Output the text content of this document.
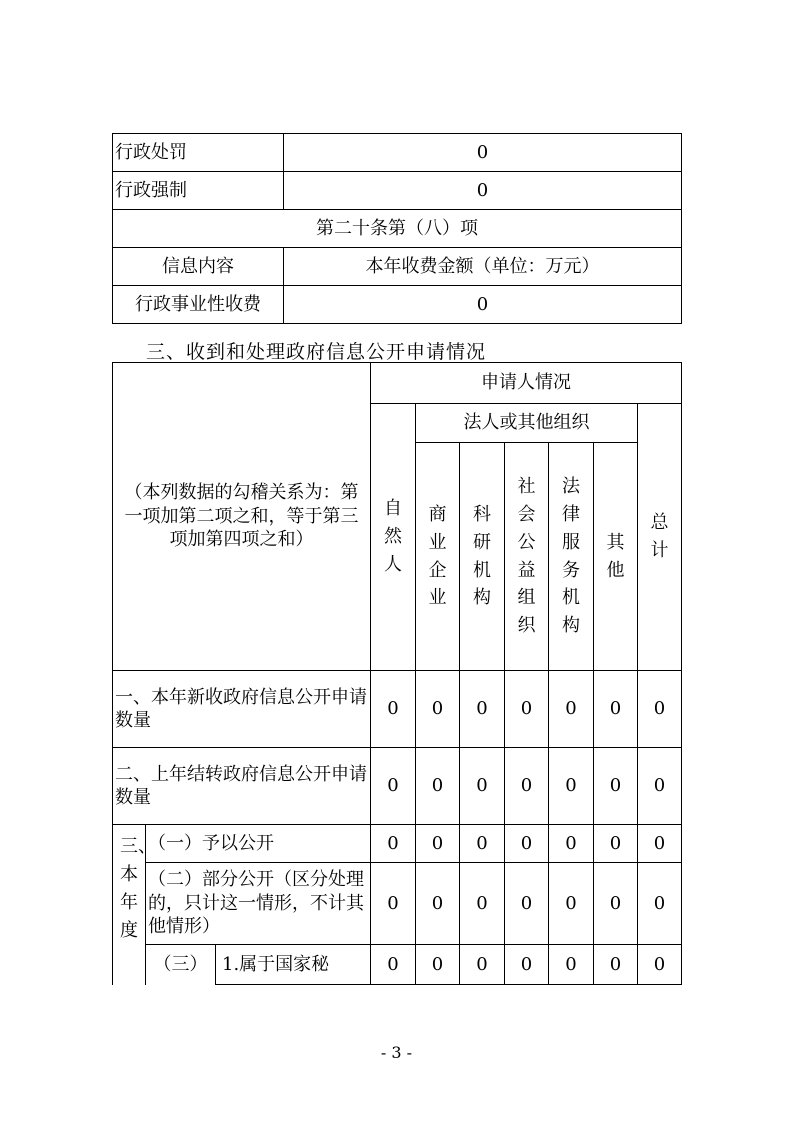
行政处罚	0
行政强制	0
第二十条第（八）项	
信息内容	本年收费金额（单位：万元）
行政事业性收费	0
三、收到和处理政府信息公开申请情况
（本列数据的勾稽关系为：第一项加第二项之和，等于第三项加第四项之和）			申请人情况						

			自然人	法人或其他组织					总计

				商业企业	科研机构	社会公益组织	法律服务机构	其他	

一、本年新收政府信息公开申请数量			0	0	0	0	0	0	0
二、上年结转政府信息公开申请数量			0	0	0	0	0	0	0

三、本年度	（一）予以公开		0	0	0	0	0	0	0
	（二）部分公开（区分处理的，只计这一情形，不计其他情形）		0	0	0	0	0	0	0
	（三）	1.属于国家秘	0	0	0	0	0	0	0
- 3 -
